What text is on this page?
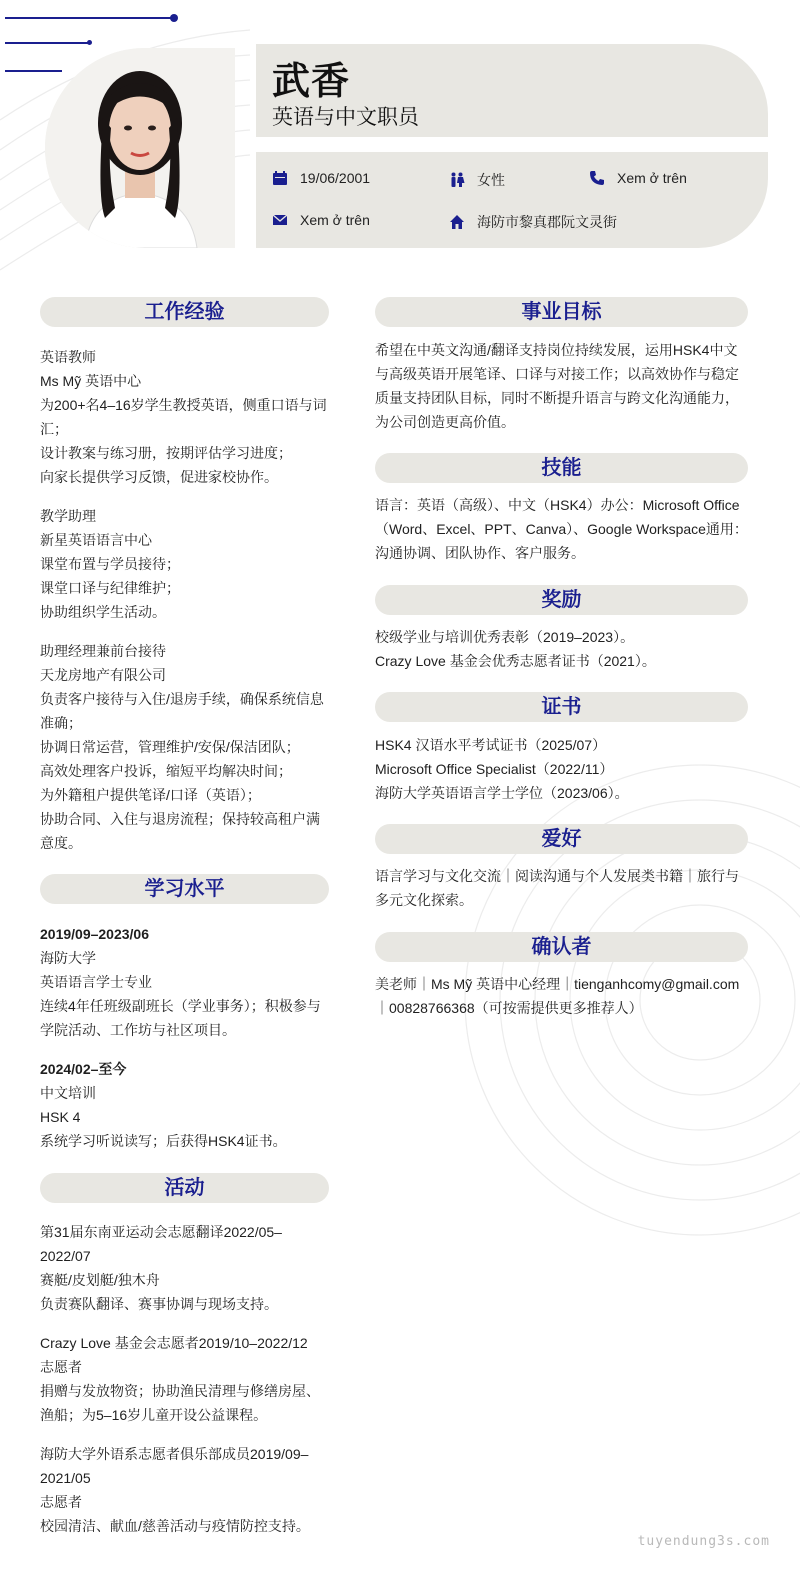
武香
英语与中文职员
19/06/2001	女性	Xem ở trên
Xem ở trên	海防市黎真郡阮文灵街
工作经验

英语教师

Ms Mỹ 英语中心

为200+名4–16岁学生教授英语，侧重口语与词汇；

设计教案与练习册，按期评估学习进度；

向家长提供学习反馈，促进家校协作。

教学助理

新星英语语言中心

课堂布置与学员接待；

课堂口译与纪律维护；

协助组织学生活动。

助理经理兼前台接待

天龙房地产有限公司

负责客户接待与入住/退房手续，确保系统信息准确；

协调日常运营，管理维护/安保/保洁团队；

高效处理客户投诉，缩短平均解决时间；

为外籍租户提供笔译/口译（英语）；

协助合同、入住与退房流程；保持较高租户满意度。

学习水平

2019/09–2023/06

海防大学

英语语言学士专业

连续4年任班级副班长（学业事务）；积极参与学院活动、工作坊与社区项目。

2024/02–至今

中文培训

HSK 4

系统学习听说读写；后获得HSK4证书。

活动

第31届东南亚运动会志愿翻译2022/05–2022/07

赛艇/皮划艇/独木舟

负责赛队翻译、赛事协调与现场支持。

Crazy Love 基金会志愿者2019/10–2022/12

志愿者

捐赠与发放物资；协助渔民清理与修缮房屋、渔船；为5–16岁儿童开设公益课程。

海防大学外语系志愿者俱乐部成员2019/09–2021/05

志愿者

校园清洁、献血/慈善活动与疫情防控支持。

事业目标
希望在中英文沟通/翻译支持岗位持续发展，运用HSK4中文与高级英语开展笔译、口译与对接工作；以高效协作与稳定质量支持团队目标，同时不断提升语言与跨文化沟通能力，为公司创造更高价值。
技能
语言：英语（高级）、中文（HSK4）办公：Microsoft Office（Word、Excel、PPT、Canva）、Google Workspace通用：沟通协调、团队协作、客户服务。
奖励

校级学业与培训优秀表彰（2019–2023）。

Crazy Love 基金会优秀志愿者证书（2021）。

证书

HSK4 汉语水平考试证书（2025/07）

Microsoft Office Specialist（2022/11）

海防大学英语语言学士学位（2023/06）。

爱好
语言学习与文化交流｜阅读沟通与个人发展类书籍｜旅行与多元文化探索。
确认者
美老师｜Ms Mỹ 英语中心经理｜tienganhcomy@gmail.com｜00828766368（可按需提供更多推荐人）
tuyendung3s.com
